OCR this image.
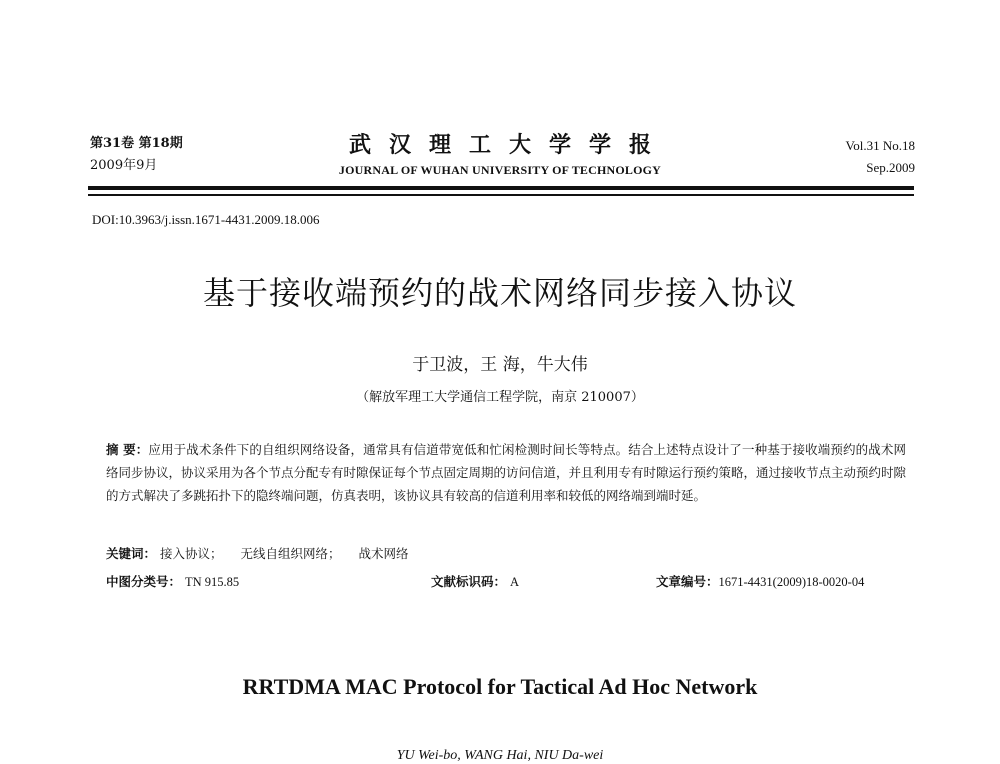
第31卷 第18期
2009年9月
武汉理工大学学报
JOURNAL OF WUHAN UNIVERSITY OF TECHNOLOGY
Vol.31 No.18
Sep.2009
DOI:10.3963/j.issn.1671-4431.2009.18.006
基于接收端预约的战术网络同步接入协议
于卫波，王 海，牛大伟
（解放军理工大学通信工程学院，南京 210007）
摘 要：应用于战术条件下的自组织网络设备，通常具有信道带宽低和忙闲检测时间长等特点。结合上述特点设计了一种基于接收端预约的战术网络同步协议，协议采用为各个节点分配专有时隙保证每个节点固定周期的访问信道，并且利用专有时隙运行预约策略，通过接收节点主动预约时隙的方式解决了多跳拓扑下的隐终端问题，仿真表明，该协议具有较高的信道利用率和较低的网络端到端时延。
关键词： 接入协议； 无线自组织网络； 战术网络
中图分类号： TN 915.85	文献标识码： A	文章编号：1671-4431(2009)18-0020-04
RRTDMA MAC Protocol for Tactical Ad Hoc Network
YU Wei-bo, WANG Hai, NIU Da-wei
